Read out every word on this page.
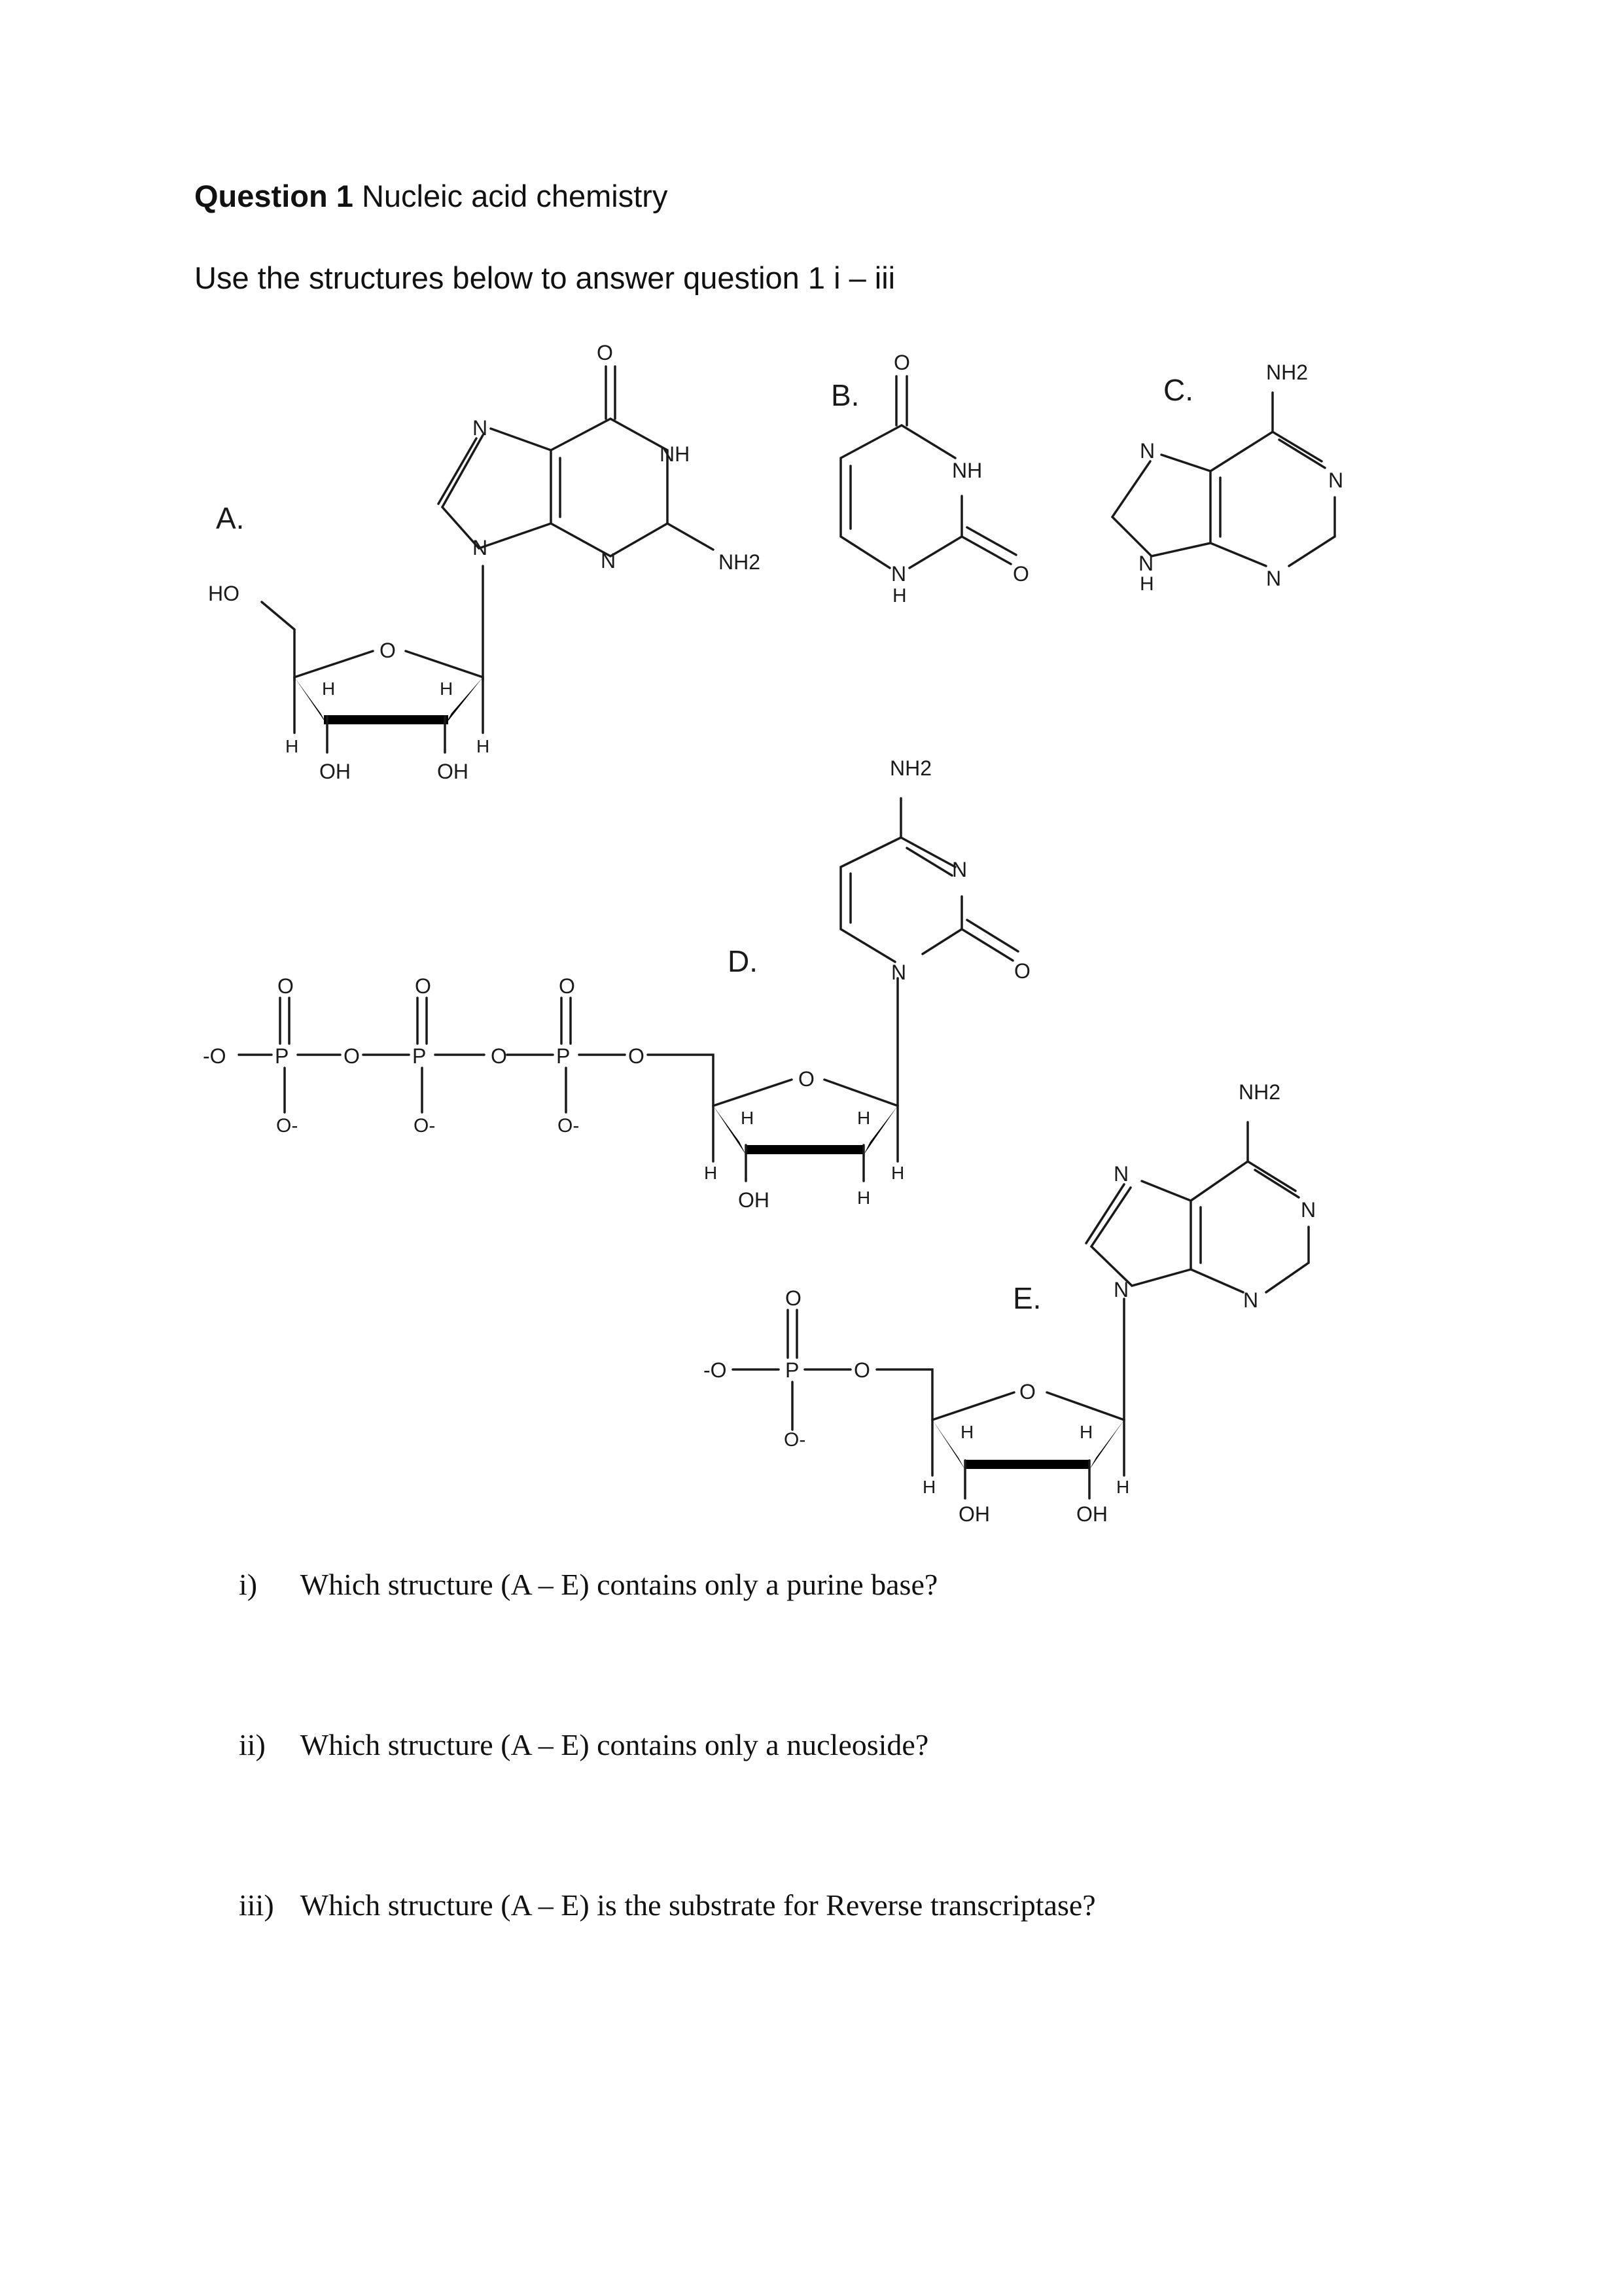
Question 1 Nucleic acid chemistry
Use the structures below to answer question 1 i – iii
A.
O
N
NH
N
N	NH2
HO
O
H	H
H	H
OH	OH
B.
O
NH
N
H
O
C.
NH2
N
N
N
H	N
D.
NH2
N
N	O
-O P	P	P
O	O	O
O	O	O
O-	O-	O-
O
H	H
H	H
H
OH
E.
NH2
N
N
N	N
-O	P	O
O
O-
O
H	H
H	H
OH	OH
i) Which structure (A – E) contains only a purine base?
ii) Which structure (A – E) contains only a nucleoside?
iii) Which structure (A – E) is the substrate for Reverse transcriptase?
